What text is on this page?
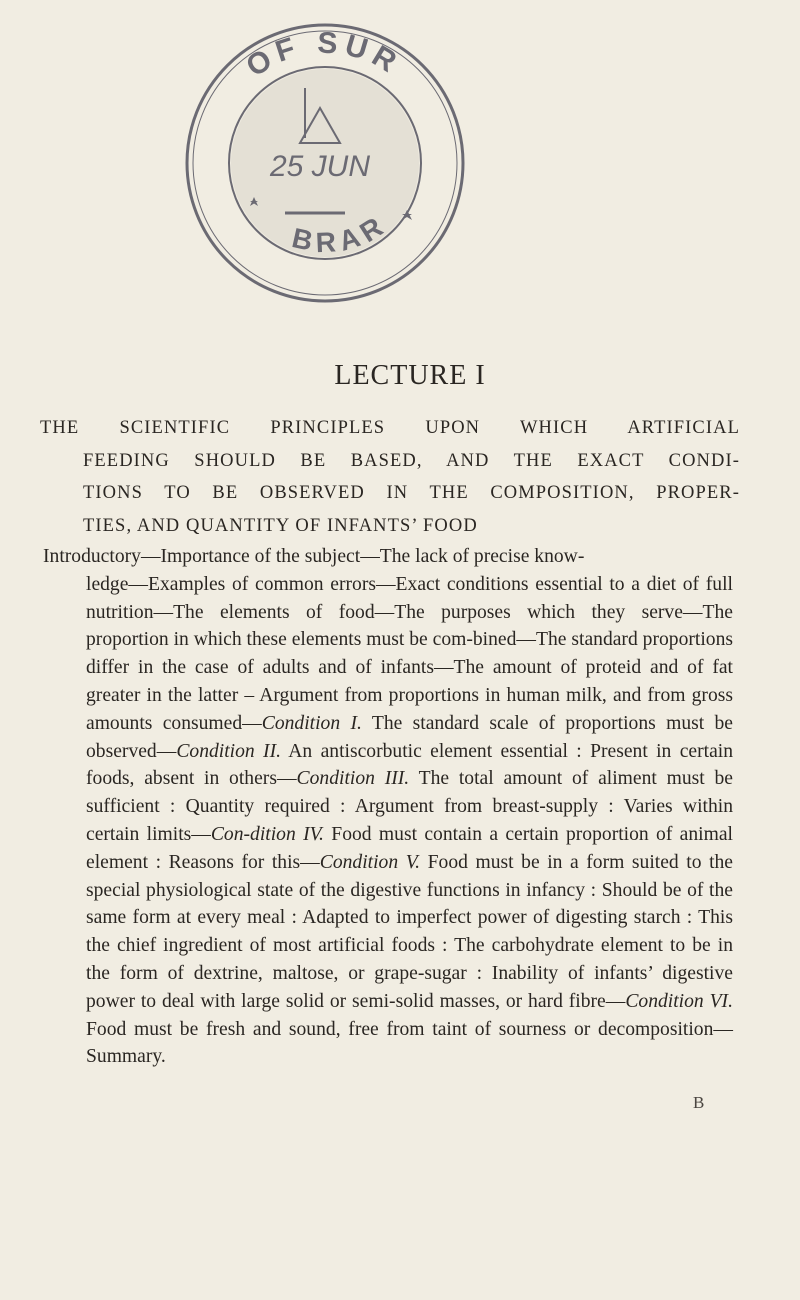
OF SUR
BRAR
25 JUN
LECTURE I
THE SCIENTIFIC PRINCIPLES UPON WHICH ARTIFICIAL
FEEDING SHOULD BE BASED, AND THE EXACT CONDI-
TIONS TO BE OBSERVED IN THE COMPOSITION, PROPER-
TIES, AND QUANTITY OF INFANTS’ FOOD
Introductory—Importance of the subject—The lack of precise know-
ledge—Examples of common errors—Exact conditions essential to a diet of full nutrition—The elements of food—The purposes which they serve—The proportion in which these elements must be com-bined—The standard proportions differ in the case of adults and of infants—The amount of proteid and of fat greater in the latter – Argument from proportions in human milk, and from gross amounts consumed—Condition I. The standard scale of proportions must be observed—Condition II. An antiscorbutic element essential : Present in certain foods, absent in others—Condition III. The total amount of aliment must be sufficient : Quantity required : Argument from breast-supply : Varies within certain limits—Con-dition IV. Food must contain a certain proportion of animal element : Reasons for this—Condition V. Food must be in a form suited to the special physiological state of the digestive functions in infancy : Should be of the same form at every meal : Adapted to imperfect power of digesting starch : This the chief ingredient of most artificial foods : The carbohydrate element to be in the form of dextrine, maltose, or grape-sugar : Inability of infants’ digestive power to deal with large solid or semi-solid masses, or hard fibre—Condition VI. Food must be fresh and sound, free from taint of sourness or decomposition—Summary.
B
